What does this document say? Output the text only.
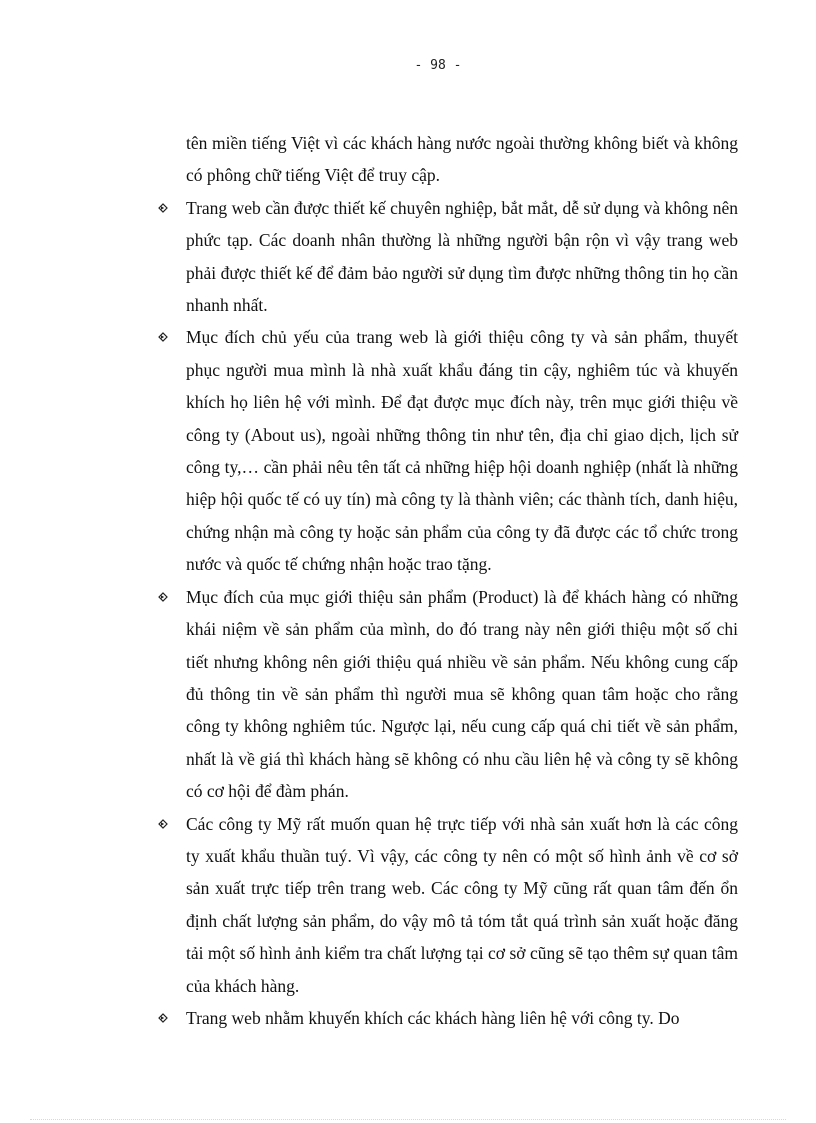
- 98 -

tên miền tiếng Việt vì các khách hàng nước ngoài thường không biết và không có phông chữ tiếng Việt để truy cập.

Trang web cần được thiết kế chuyên nghiệp, bắt mắt, dễ sử dụng và không nên phức tạp. Các doanh nhân thường là những người bận rộn vì vậy trang web phải được thiết kế để đảm bảo người sử dụng tìm được những thông tin họ cần nhanh nhất.

Mục đích chủ yếu của trang web là giới thiệu công ty và sản phẩm, thuyết phục người mua mình là nhà xuất khẩu đáng tin cậy, nghiêm túc và khuyến khích họ liên hệ với mình. Để đạt được mục đích này, trên mục giới thiệu về công ty (About us), ngoài những thông tin như tên, địa chỉ giao dịch, lịch sử công ty,… cần phải nêu tên tất cả những hiệp hội doanh nghiệp (nhất là những hiệp hội quốc tế có uy tín) mà công ty là thành viên; các thành tích, danh hiệu, chứng nhận mà công ty hoặc sản phẩm của công ty đã được các tổ chức trong nước và quốc tế chứng nhận hoặc trao tặng.

Mục đích của mục giới thiệu sản phẩm (Product) là để khách hàng có những khái niệm về sản phẩm của mình, do đó trang này nên giới thiệu một số chi tiết nhưng không nên giới thiệu quá nhiều về sản phẩm. Nếu không cung cấp đủ thông tin về sản phẩm thì người mua sẽ không quan tâm hoặc cho rằng công ty không nghiêm túc. Ngược lại, nếu cung cấp quá chi tiết về sản phẩm, nhất là về giá thì khách hàng sẽ không có nhu cầu liên hệ và công ty sẽ không có cơ hội để đàm phán.

Các công ty Mỹ rất muốn quan hệ trực tiếp với nhà sản xuất hơn là các công ty xuất khẩu thuần tuý. Vì vậy, các công ty nên có một số hình ảnh về cơ sở sản xuất trực tiếp trên trang web. Các công ty Mỹ cũng rất quan tâm đến ổn định chất lượng sản phẩm, do vậy mô tả tóm tắt quá trình sản xuất hoặc đăng tải một số hình ảnh kiểm tra chất lượng tại cơ sở cũng sẽ tạo thêm sự quan tâm của khách hàng.

Trang web nhằm khuyến khích các khách hàng liên hệ với công ty. Do
